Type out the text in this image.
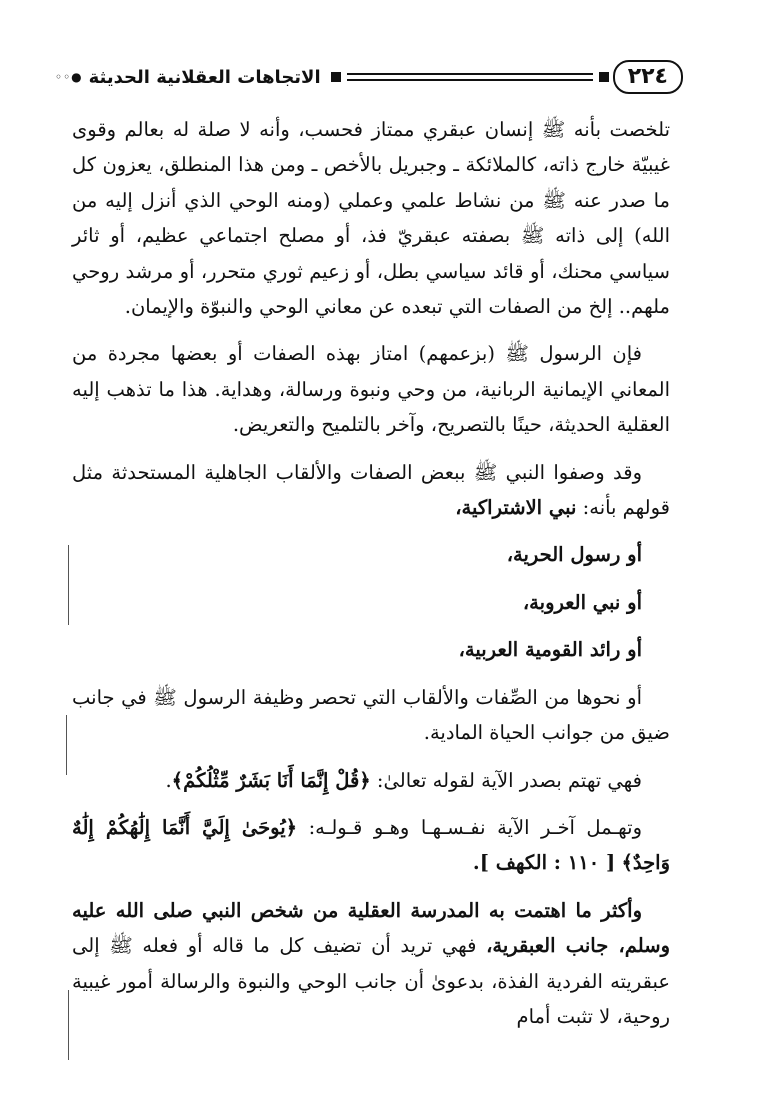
٢٢٤
الاتجاهات العقلانية الحديثة
●◦◦

تلخصت بأنه ﷺ إنسان عبقري ممتاز فحسب، وأنه لا صلة له بعالم وقوى غيبيّة خارج ذاته، كالملائكة ـ وجبريل بالأخص ـ ومن هذا المنطلق، يعزون كل ما صدر عنه ﷺ من نشاط علمي وعملي (ومنه الوحي الذي أنزل إليه من الله) إلى ذاته ﷺ بصفته عبقريّ فذ، أو مصلح اجتماعي عظيم، أو ثائر سياسي محنك، أو قائد سياسي بطل، أو زعيم ثوري متحرر، أو مرشد روحي ملهم.. إلخ من الصفات التي تبعده عن معاني الوحي والنبوّة والإيمان.

فإن الرسول ﷺ (بزعمهم) امتاز بهذه الصفات أو بعضها مجردة من المعاني الإيمانية الربانية، من وحي ونبوة ورسالة، وهداية. هذا ما تذهب إليه العقلية الحديثة، حينًا بالتصريح، وآخر بالتلميح والتعريض.

وقد وصفوا النبي ﷺ ببعض الصفات والألقاب الجاهلية المستحدثة مثل قولهم بأنه: نبي الاشتراكية،

أو رسول الحرية،

أو نبي العروبة،

أو رائد القومية العربية،

أو نحوها من الصِّفات والألقاب التي تحصر وظيفة الرسول ﷺ في جانب ضيق من جوانب الحياة المادية.

فهي تهتم بصدر الآية لقوله تعالىٰ: ﴿قُلْ إِنَّمَا أَنَا بَشَرٌ مِّثْلُكُمْ﴾.

وتهـمل آخـر الآية نفـسـهـا وهـو قـولـه: ﴿يُوحَىٰ إِلَيَّ أَنَّمَا إِلَٰهُكُمْ إِلَٰهٌ وَاحِدٌ﴾ [ ١١٠ : الكهف ].

وأكثر ما اهتمت به المدرسة العقلية من شخص النبي صلى الله عليه وسلم، جانب العبقرية، فهي تريد أن تضيف كل ما قاله أو فعله ﷺ إلى عبقريته الفردية الفذة، بدعوىٰ أن جانب الوحي والنبوة والرسالة أمور غيبية روحية، لا تثبت أمام
